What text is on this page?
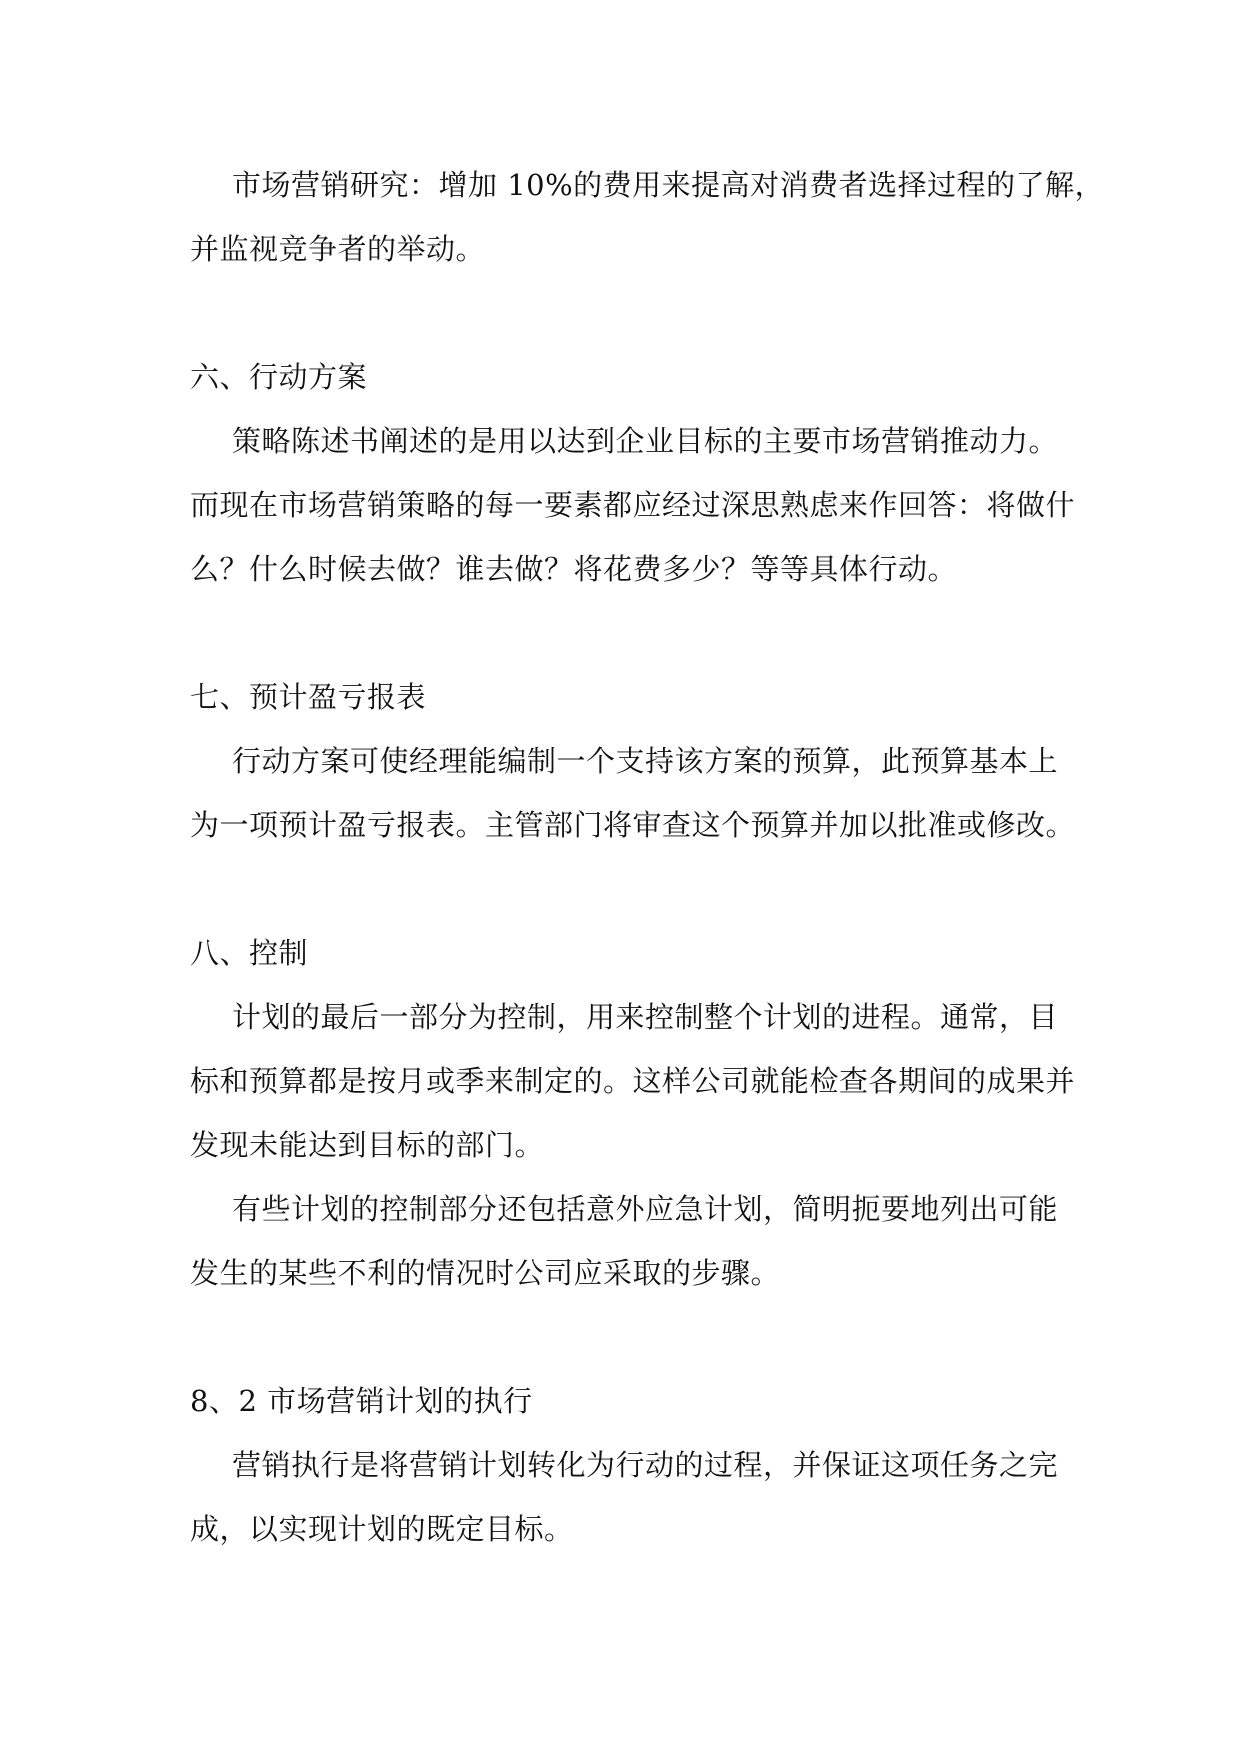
市场营销研究：增加 10%的费用来提高对消费者选择过程的了解，
并监视竞争者的举动。
六、行动方案
策略陈述书阐述的是用以达到企业目标的主要市场营销推动力。
而现在市场营销策略的每一要素都应经过深思熟虑来作回答：将做什
么？什么时候去做？谁去做？将花费多少？等等具体行动。
七、预计盈亏报表
行动方案可使经理能编制一个支持该方案的预算，此预算基本上
为一项预计盈亏报表。主管部门将审查这个预算并加以批准或修改。
八、控制
计划的最后一部分为控制，用来控制整个计划的进程。通常，目
标和预算都是按月或季来制定的。这样公司就能检查各期间的成果并
发现未能达到目标的部门。
有些计划的控制部分还包括意外应急计划，简明扼要地列出可能
发生的某些不利的情况时公司应采取的步骤。
8、2 市场营销计划的执行
营销执行是将营销计划转化为行动的过程，并保证这项任务之完
成，以实现计划的既定目标。
